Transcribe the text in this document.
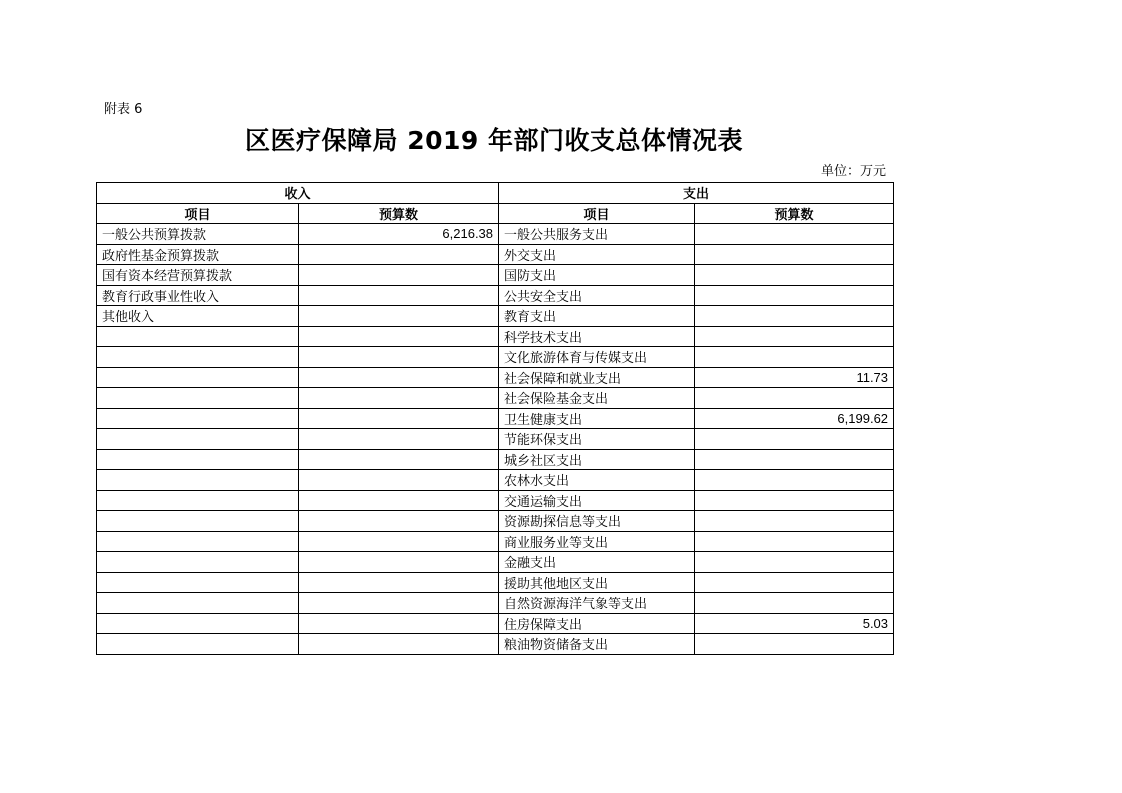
附表 6
区医疗保障局 2019 年部门收支总体情况表
单位：万元
收入		支出	
项目	预算数	项目	预算数
一般公共预算拨款	6,216.38	一般公共服务支出	
政府性基金预算拨款		外交支出	
国有资本经营预算拨款		国防支出	
教育行政事业性收入		公共安全支出	
其他收入		教育支出	
		科学技术支出	
		文化旅游体育与传媒支出	
		社会保障和就业支出	11.73
		社会保险基金支出	
		卫生健康支出	6,199.62
		节能环保支出	
		城乡社区支出	
		农林水支出	
		交通运输支出	
		资源勘探信息等支出	
		商业服务业等支出	
		金融支出	
		援助其他地区支出	
		自然资源海洋气象等支出	
		住房保障支出	5.03
		粮油物资储备支出	
